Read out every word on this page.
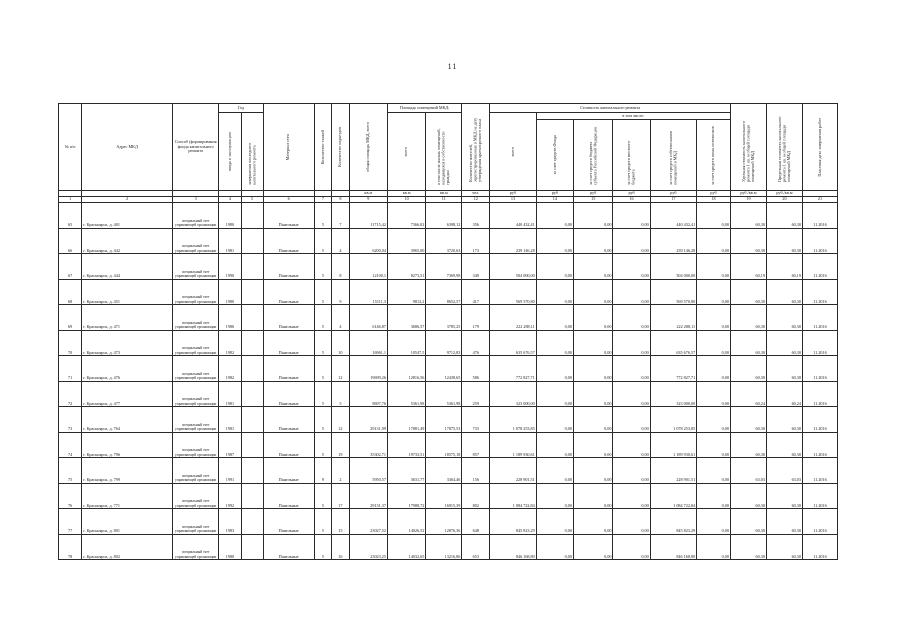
11
№ п/п	Адрес МКД	Способ (формирования фонда капитального ремонта	Год		Материал стен	Количество этажей	Количество подъездов	общая площадь МКД, всего	Площадь помещений МКД:		Количество жителей, зарегистрированных в МКД на дату утверждения краткосрочного плана	Стоимость капитального ремонта						Удельная стоимость капитального ремонта 1 кв. м общей площади помещений МКД	Предельная стоимость капитального ремонта 1 кв. м общей площади помещений МКД	Плановая дата завершения работ

			ввода в эксплуатацию	завершения последнего капитального ремонта					всего	в том числе жилых помещений, находящихся в собственности граждан		всего	в том числе:							

													за счет средств Фонда	за счет средств бюджета субъекта Российской Федерации	за счет средств местного бюджета	за счет средств собственников помещений в МКД	за счет средств иных источников			

								кв.м	кв.м	кв.м	чел.	руб	руб	руб	руб	руб	руб	руб./кв.м	руб./кв.м	
1	2	3	4	5	6	7	8	9	10	11	12	13	14	15	16	17	18	19	20	21
65	г. Красноярск, д. 401	специальный счет управляющей организации	1980		Панельные	5	7	11715,42	7366,02	6398,12	356	440 432,41	0,00	0,00	0,00	440 432,41	0,00	60,30	60,30	11.2016
66	г. Красноярск, д. 442	специальный счет управляющей организации	1981		Панельные	5	4	6200,04	3965,00	3720,63	173	239 146,28	0,00	0,00	0,00	239 146,28	0,00	60,30	60,30	11.2016
67	г. Красноярск, д. 444	специальный счет управляющей организации	1990		Панельные	5	8	12100,1	8273,51	7369,98	349	504 000,00	0,00	0,00	0,00	504 000,00	0,00	60,19	60,19	11.2016
68	г. Красноярск, д. 451	специальный счет управляющей организации	1980		Панельные	5	9	15111,3	9812,2	8652,57	417	569 570,80	0,00	0,00	0,00	569 570,80	0,00	60,30	60,30	11.2016
69	г. Красноярск, д. 471	специальный счет управляющей организации	1986		Панельные	5	4	6146,87	3686,57	3785,25	179	222 288,11	0,00	0,00	0,00	222 288,11	0,00	60,30	60,30	11.2016
70	г. Красноярск, д. 473	специальный счет управляющей организации	1982		Панельные	5	10	16961,1	10547,5	9712,83	476	635 676,57	0,00	0,00	0,00	635 676,57	0,00	60,30	60,30	11.2016
71	г. Красноярск, д. 476	специальный счет управляющей организации	1982		Панельные	5	12	19699,26	12816,56	12438,65	586	772 827,71	0,00	0,00	0,00	772 827,71	0,00	60,30	60,30	11.2016
72	г. Красноярск, д. 477	специальный счет управляющей организации	1981		Панельные	5	5	8697,76	5361,98	5361,98	259	323 000,00	0,00	0,00	0,00	323 000,00	0,00	60,24	60,24	11.2016
73	г. Красноярск, д. 764	специальный счет управляющей организации	1981		Панельные	5	12	29131,99	17881,49	17875,53	733	1 078 253,85	0,00	0,00	0,00	1 078 253,85	0,00	60,30	60,30	11.2016
74	г. Красноярск, д. 796	специальный счет управляющей организации	1987		Панельные	5	19	35302,71	19733,51	18575,18	857	1 189 930,61	0,00	0,00	0,00	1 189 930,61	0,00	60,30	60,30	11.2016
75	г. Красноярск, д. 799	специальный счет управляющей организации	1991		Панельные	9	2	5950,57	3631,77	3364,46	156	228 901,51	0,00	0,00	0,00	228 901,51	0,00	63,03	63,03	11.2016
76	г. Красноярск, д. 771	специальный счет управляющей организации	1992		Панельные	5	17	29131,37	17988,72	16915,39	802	1 084 722,84	0,00	0,00	0,00	1 084 722,84	0,00	60,30	60,30	11.2016
77	г. Красноярск, д. 801	специальный счет управляющей организации	1983		Панельные	5	15	23027,52	14026,52	12876,36	648	845 823,29	0,00	0,00	0,00	845 823,29	0,00	60,30	60,30	11.2016
78	г. Красноярск, д. 802	специальный счет управляющей организации	1980		Панельные	5	16	23023,25	14032,65	13216,86	653	846 168,80	0,00	0,00	0,00	846 168,80	0,00	60,30	60,30	11.2016
